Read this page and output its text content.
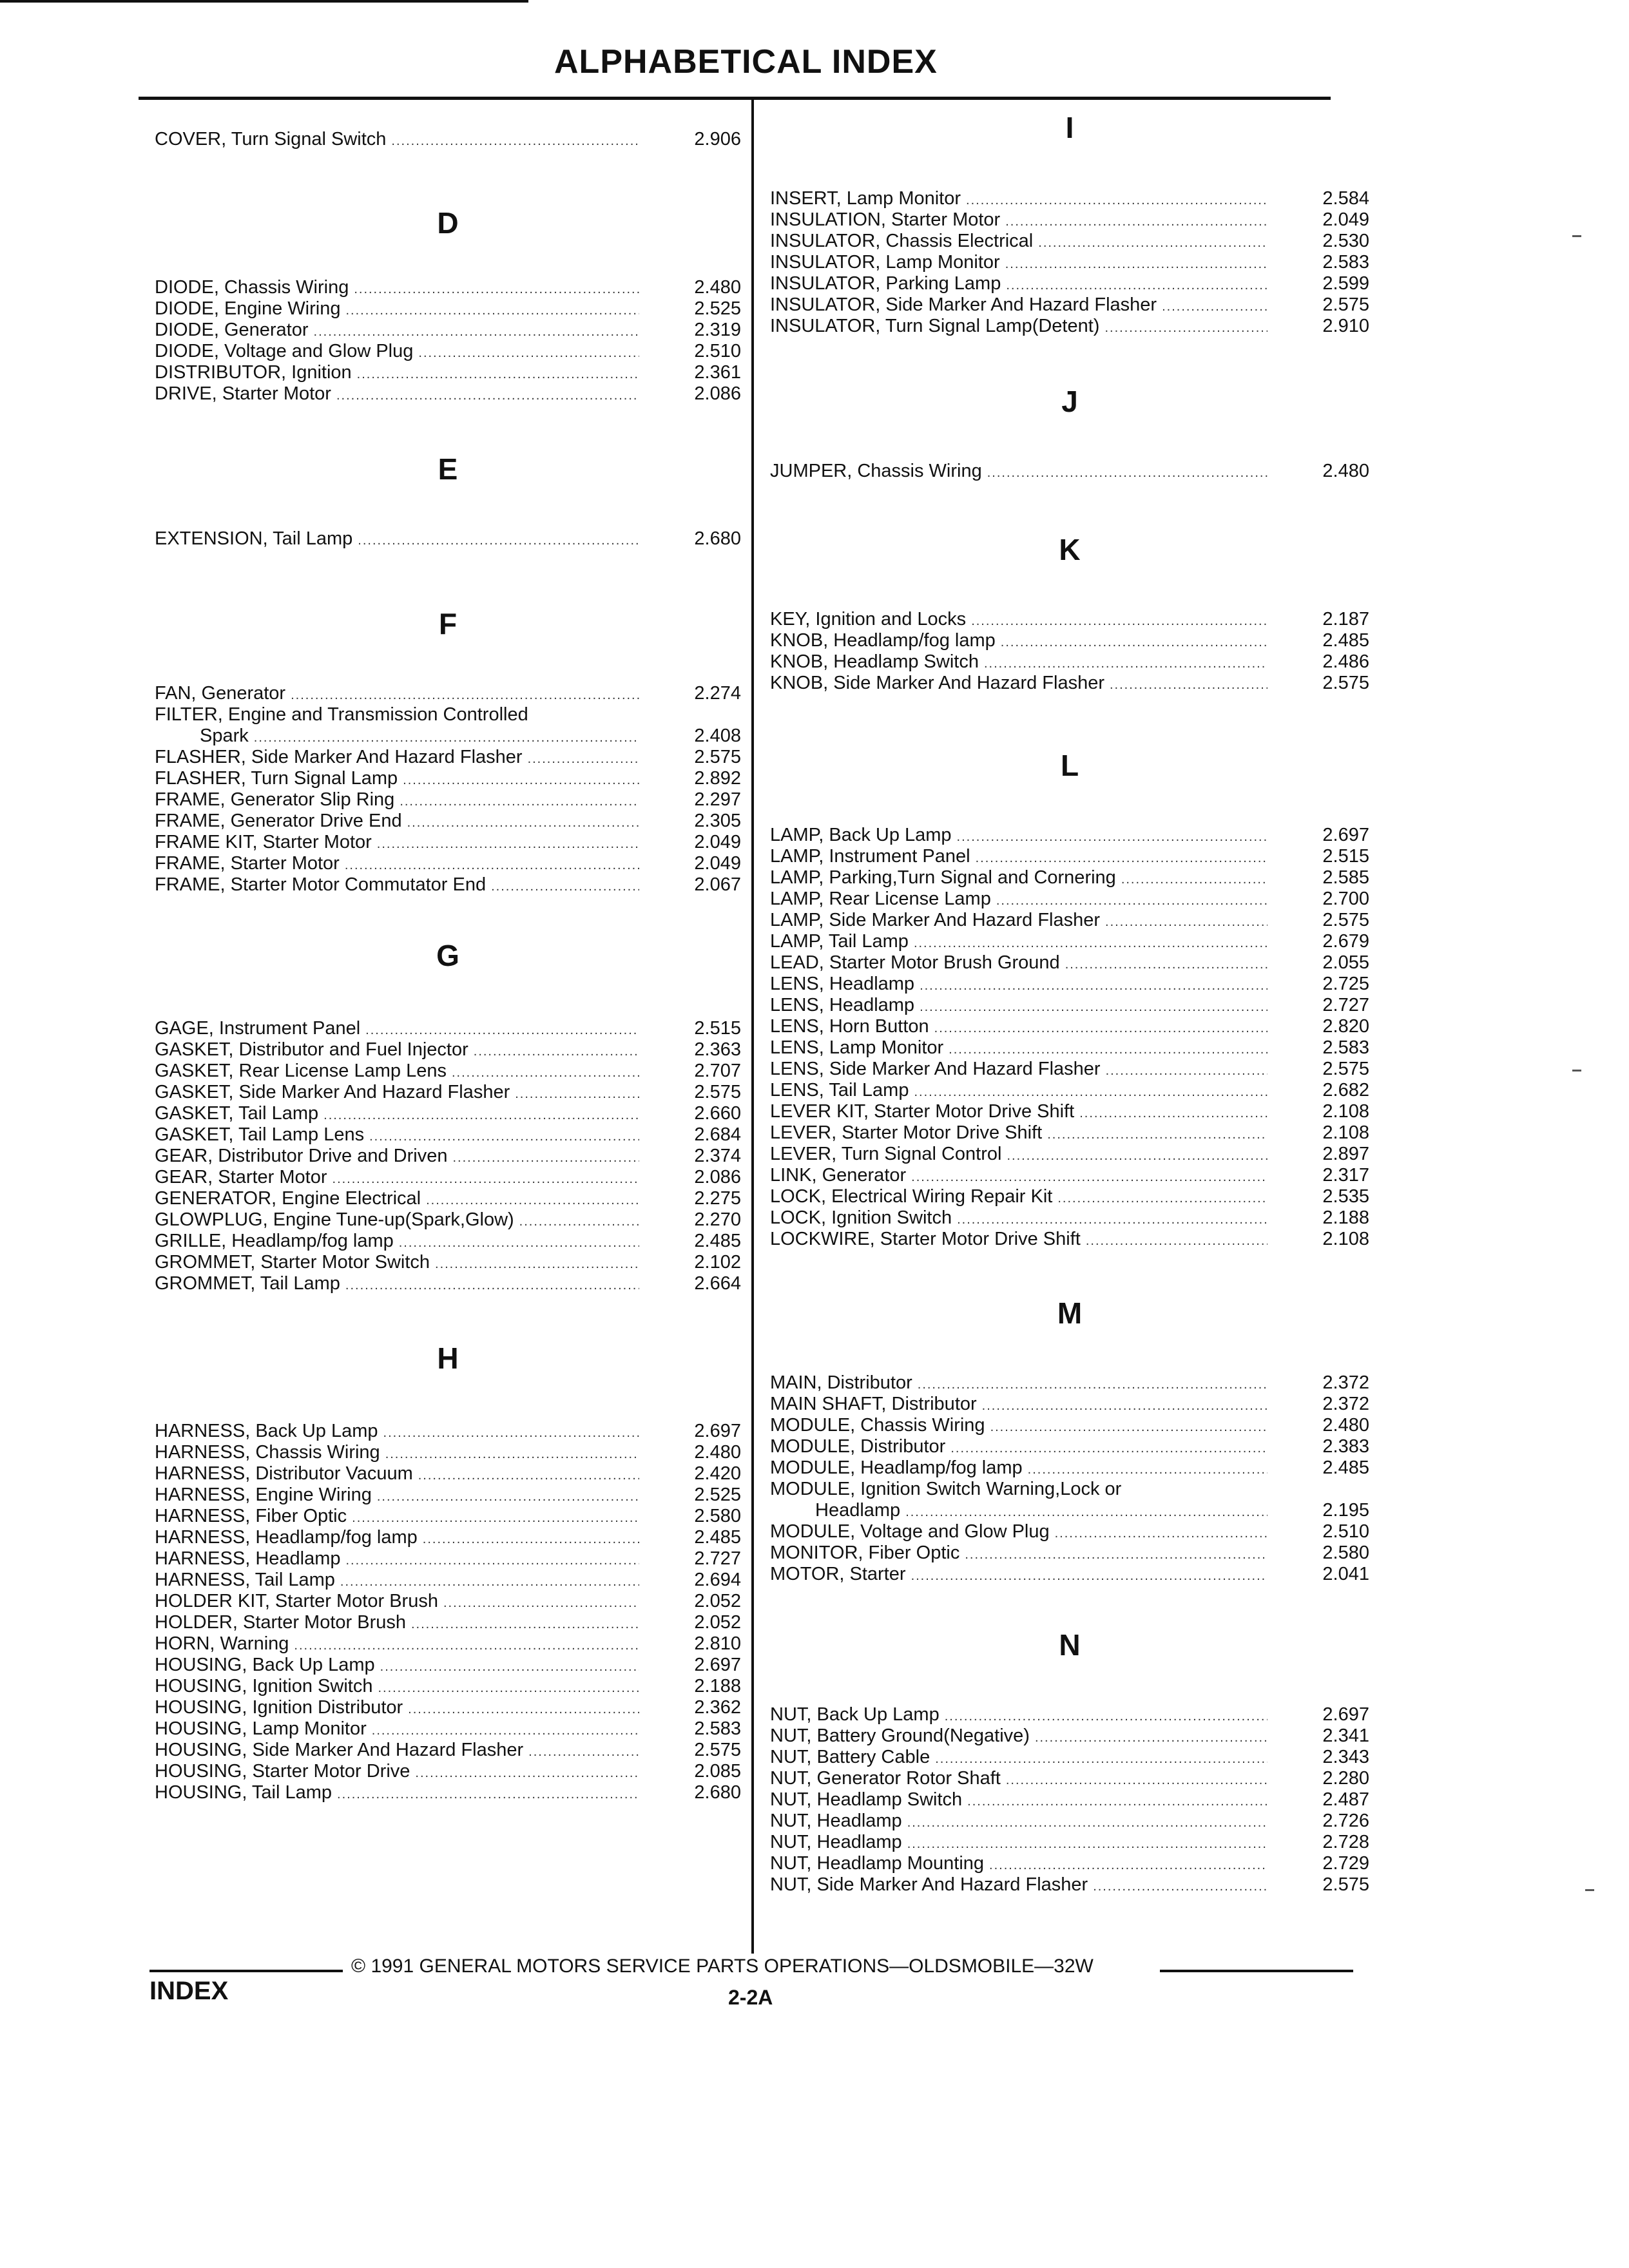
ALPHABETICAL INDEX
COVER, Turn Signal Switch .....	2.906
D
DIODE, Chassis Wiring .....	2.480
DIODE, Engine Wiring .....	2.525
DIODE, Generator .....	2.319
DIODE, Voltage and Glow Plug .....	2.510
DISTRIBUTOR, Ignition .....	2.361
DRIVE, Starter Motor .....	2.086
E
EXTENSION, Tail Lamp .....	2.680
F
FAN, Generator .....	2.274
FILTER, Engine and Transmission Controlled
Spark .....	2.408
FLASHER, Side Marker And Hazard Flasher .....	2.575
FLASHER, Turn Signal Lamp .....	2.892
FRAME, Generator Slip Ring .....	2.297
FRAME, Generator Drive End .....	2.305
FRAME KIT, Starter Motor .....	2.049
FRAME, Starter Motor .....	2.049
FRAME, Starter Motor Commutator End .....	2.067
G
GAGE, Instrument Panel .....	2.515
GASKET, Distributor and Fuel Injector .....	2.363
GASKET, Rear License Lamp Lens .....	2.707
GASKET, Side Marker And Hazard Flasher .....	2.575
GASKET, Tail Lamp .....	2.660
GASKET, Tail Lamp Lens .....	2.684
GEAR, Distributor Drive and Driven .....	2.374
GEAR, Starter Motor .....	2.086
GENERATOR, Engine Electrical .....	2.275
GLOWPLUG, Engine Tune-up(Spark,Glow) .....	2.270
GRILLE, Headlamp/fog lamp .....	2.485
GROMMET, Starter Motor Switch .....	2.102
GROMMET, Tail Lamp .....	2.664
H
HARNESS, Back Up Lamp .....	2.697
HARNESS, Chassis Wiring .....	2.480
HARNESS, Distributor Vacuum .....	2.420
HARNESS, Engine Wiring .....	2.525
HARNESS, Fiber Optic .....	2.580
HARNESS, Headlamp/fog lamp .....	2.485
HARNESS, Headlamp .....	2.727
HARNESS, Tail Lamp .....	2.694
HOLDER KIT, Starter Motor Brush .....	2.052
HOLDER, Starter Motor Brush .....	2.052
HORN, Warning .....	2.810
HOUSING, Back Up Lamp .....	2.697
HOUSING, Ignition Switch .....	2.188
HOUSING, Ignition Distributor .....	2.362
HOUSING, Lamp Monitor .....	2.583
HOUSING, Side Marker And Hazard Flasher .....	2.575
HOUSING, Starter Motor Drive .....	2.085
HOUSING, Tail Lamp .....	2.680
I
INSERT, Lamp Monitor .....	2.584
INSULATION, Starter Motor .....	2.049
INSULATOR, Chassis Electrical .....	2.530
INSULATOR, Lamp Monitor .....	2.583
INSULATOR, Parking Lamp .....	2.599
INSULATOR, Side Marker And Hazard Flasher .....	2.575
INSULATOR, Turn Signal Lamp(Detent) .....	2.910
J
JUMPER, Chassis Wiring .....	2.480
K
KEY, Ignition and Locks .....	2.187
KNOB, Headlamp/fog lamp .....	2.485
KNOB, Headlamp Switch .....	2.486
KNOB, Side Marker And Hazard Flasher .....	2.575
L
LAMP, Back Up Lamp .....	2.697
LAMP, Instrument Panel .....	2.515
LAMP, Parking,Turn Signal and Cornering .....	2.585
LAMP, Rear License Lamp .....	2.700
LAMP, Side Marker And Hazard Flasher .....	2.575
LAMP, Tail Lamp .....	2.679
LEAD, Starter Motor Brush Ground .....	2.055
LENS, Headlamp .....	2.725
LENS, Headlamp .....	2.727
LENS, Horn Button .....	2.820
LENS, Lamp Monitor .....	2.583
LENS, Side Marker And Hazard Flasher .....	2.575
LENS, Tail Lamp .....	2.682
LEVER KIT, Starter Motor Drive Shift .....	2.108
LEVER, Starter Motor Drive Shift .....	2.108
LEVER, Turn Signal Control .....	2.897
LINK, Generator .....	2.317
LOCK, Electrical Wiring Repair Kit .....	2.535
LOCK, Ignition Switch .....	2.188
LOCKWIRE, Starter Motor Drive Shift .....	2.108
M
MAIN, Distributor .....	2.372
MAIN SHAFT, Distributor .....	2.372
MODULE, Chassis Wiring .....	2.480
MODULE, Distributor .....	2.383
MODULE, Headlamp/fog lamp .....	2.485
MODULE, Ignition Switch Warning,Lock or
Headlamp .....	2.195
MODULE, Voltage and Glow Plug .....	2.510
MONITOR, Fiber Optic .....	2.580
MOTOR, Starter .....	2.041
N
NUT, Back Up Lamp .....	2.697
NUT, Battery Ground(Negative) .....	2.341
NUT, Battery Cable .....	2.343
NUT, Generator Rotor Shaft .....	2.280
NUT, Headlamp Switch .....	2.487
NUT, Headlamp .....	2.726
NUT, Headlamp .....	2.728
NUT, Headlamp Mounting .....	2.729
NUT, Side Marker And Hazard Flasher .....	2.575
© 1991 GENERAL MOTORS SERVICE PARTS OPERATIONS—OLDSMOBILE—32W
INDEX	2-2A
